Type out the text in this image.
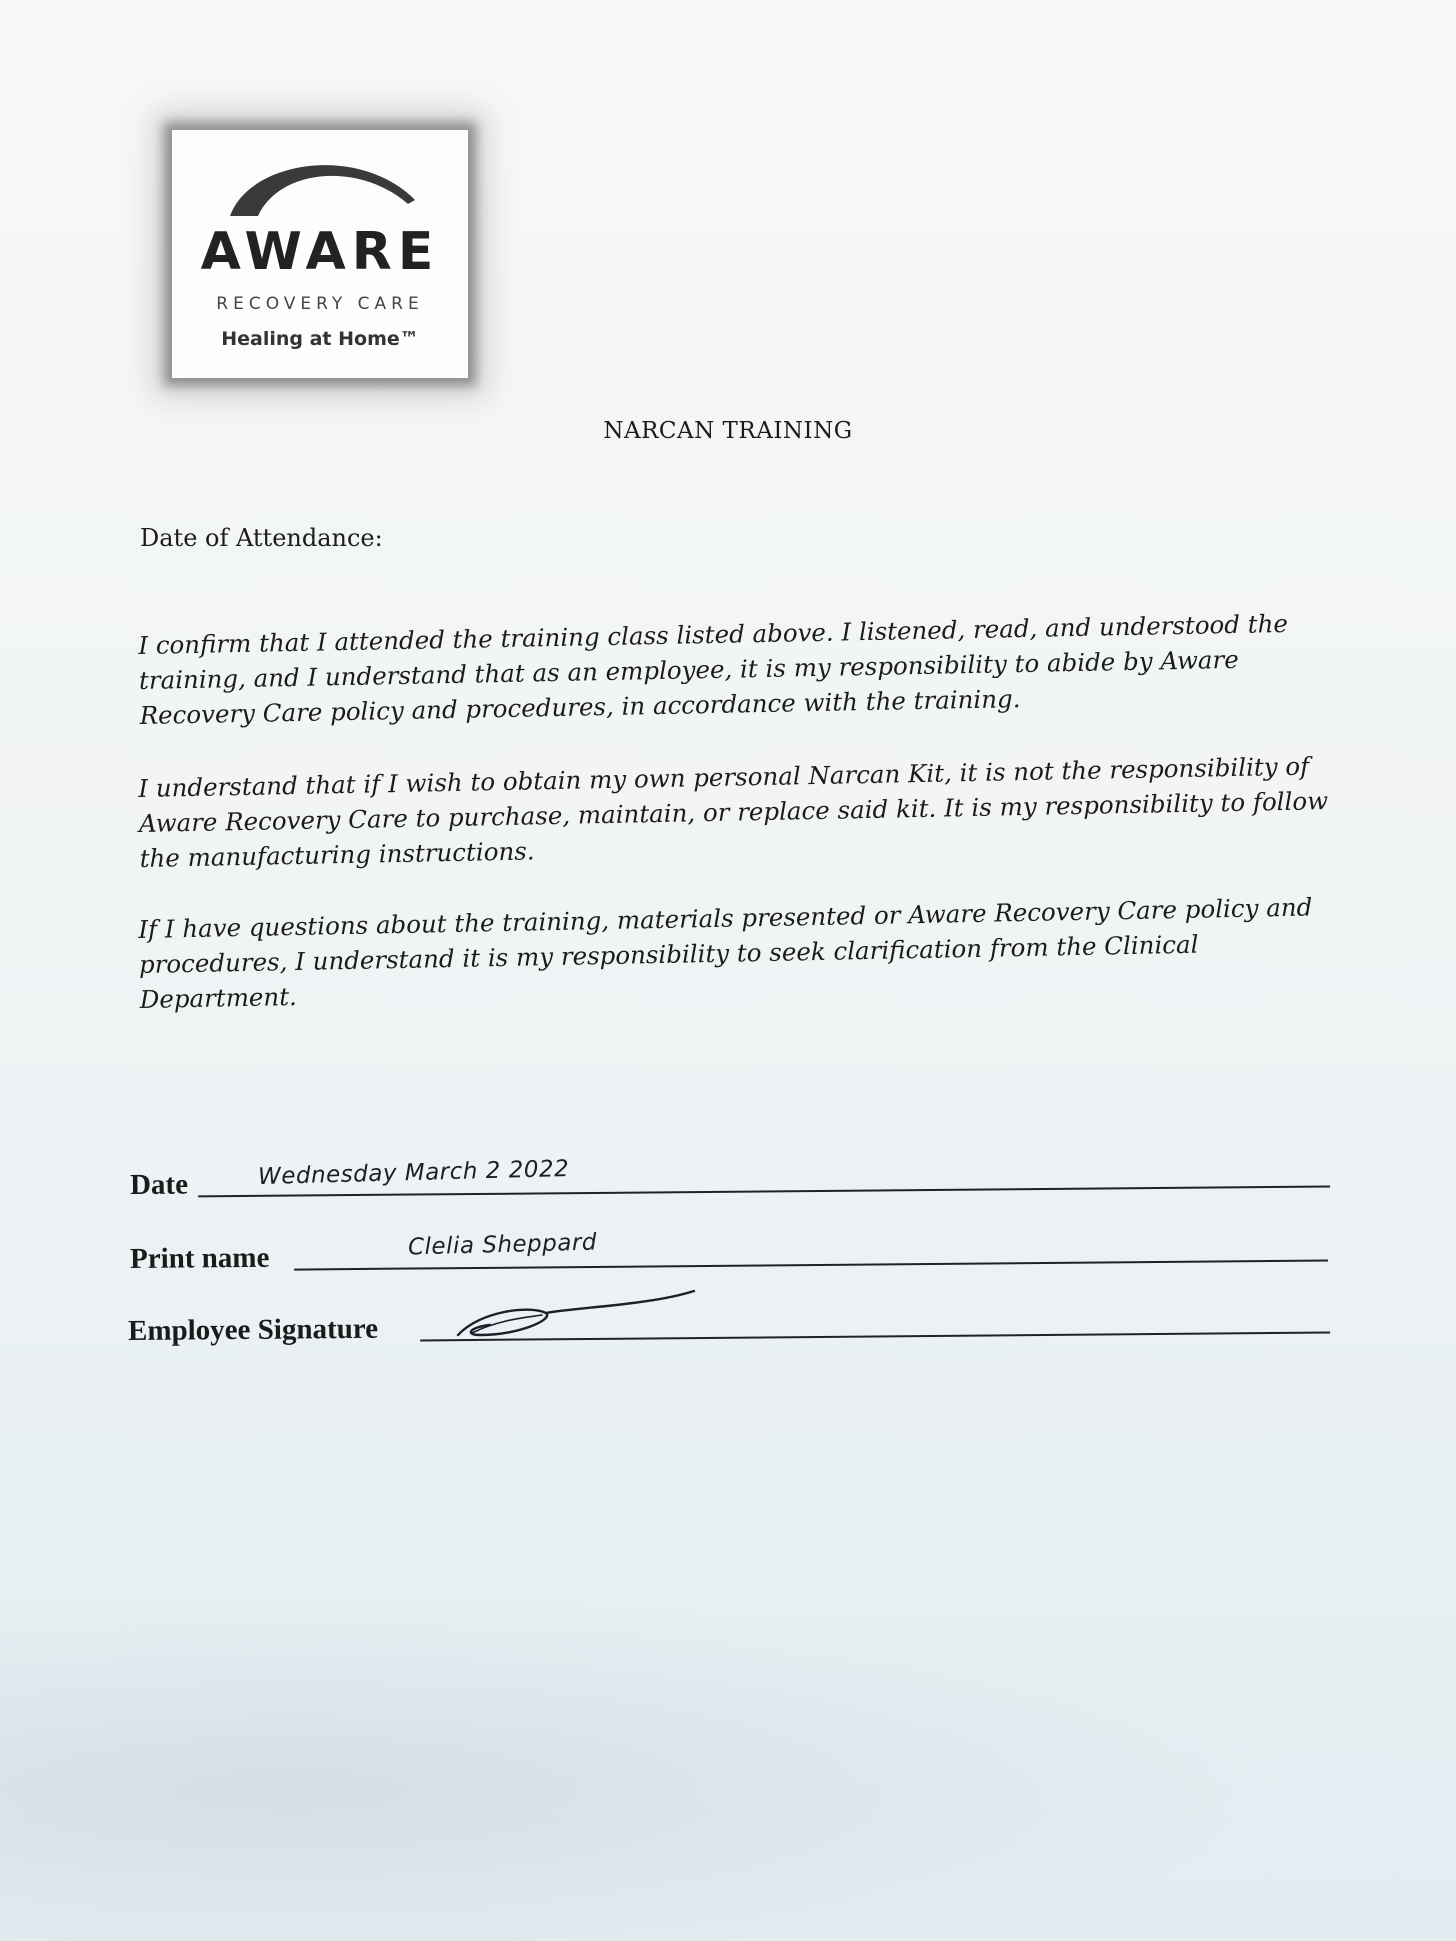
AWARE
RECOVERY CARE
Healing at Home™
NARCAN TRAINING
Date of Attendance:
I confirm that I attended the training class listed above. I listened, read, and understood the training, and I understand that as an employee, it is my responsibility to abide by Aware Recovery Care policy and procedures, in accordance with the training.
I understand that if I wish to obtain my own personal Narcan Kit, it is not the responsibility of Aware Recovery Care to purchase, maintain, or replace said kit. It is my responsibility to follow the manufacturing instructions.
If I have questions about the training, materials presented or Aware Recovery Care policy and procedures, I understand it is my responsibility to seek clarification from the Clinical Department.
Date	Wednesday March 2 2022
Print name	Clelia Sheppard
Employee Signature
